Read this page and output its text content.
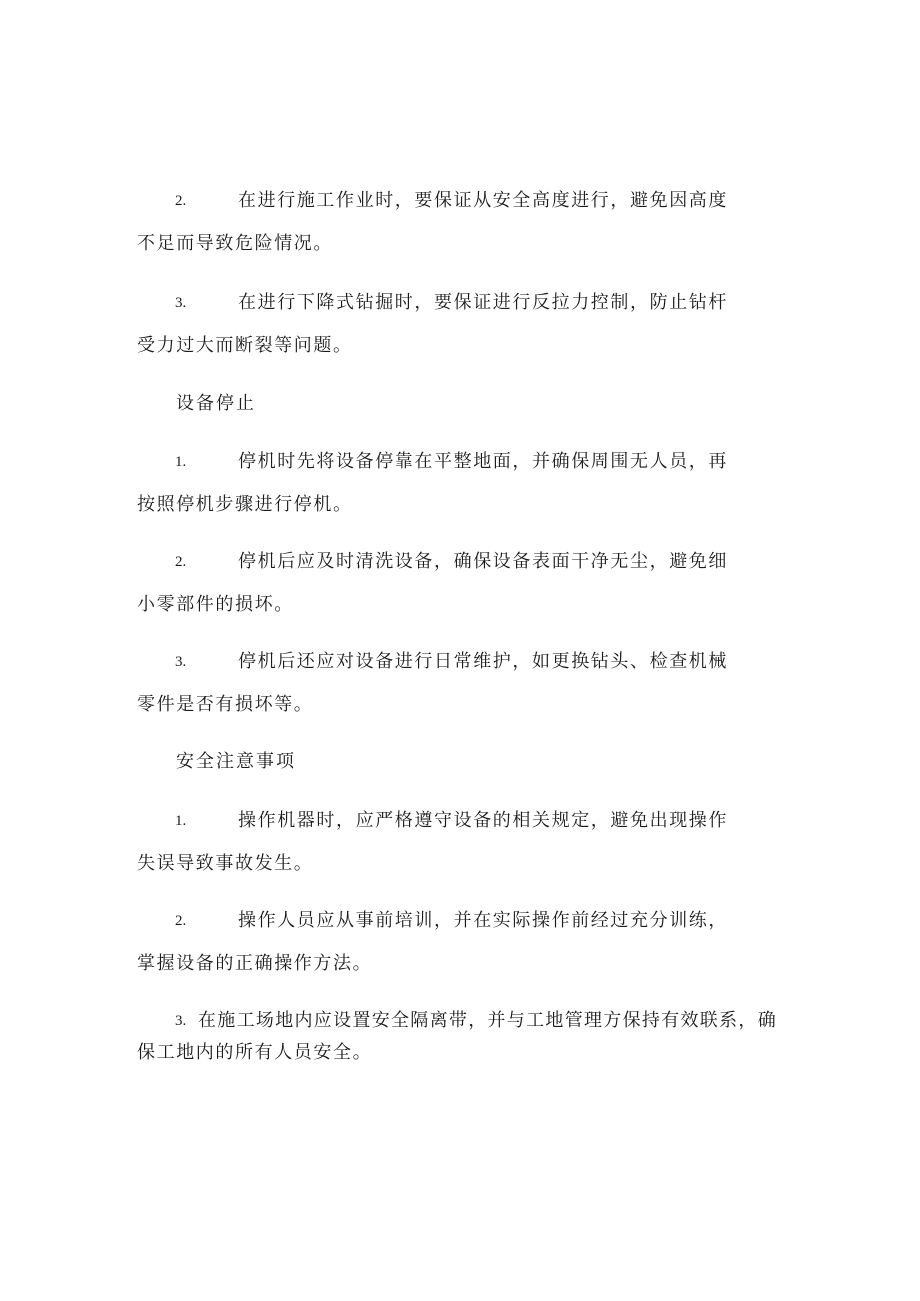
2.	在进行施工作业时，要保证从安全高度进行，避免因高度
不足而导致危险情况。
3.	在进行下降式钻掘时，要保证进行反拉力控制，防止钻杆
受力过大而断裂等问题。
设备停止
1.	停机时先将设备停靠在平整地面，并确保周围无人员，再
按照停机步骤进行停机。
2.	停机后应及时清洗设备，确保设备表面干净无尘，避免细
小零部件的损坏。
3.	停机后还应对设备进行日常维护，如更换钻头、检查机械
零件是否有损坏等。
安全注意事项
1.	操作机器时，应严格遵守设备的相关规定，避免出现操作
失误导致事故发生。
2.	操作人员应从事前培训，并在实际操作前经过充分训练，
掌握设备的正确操作方法。
3. 在施工场地内应设置安全隔离带，并与工地管理方保持有效联系，确
保工地内的所有人员安全。
